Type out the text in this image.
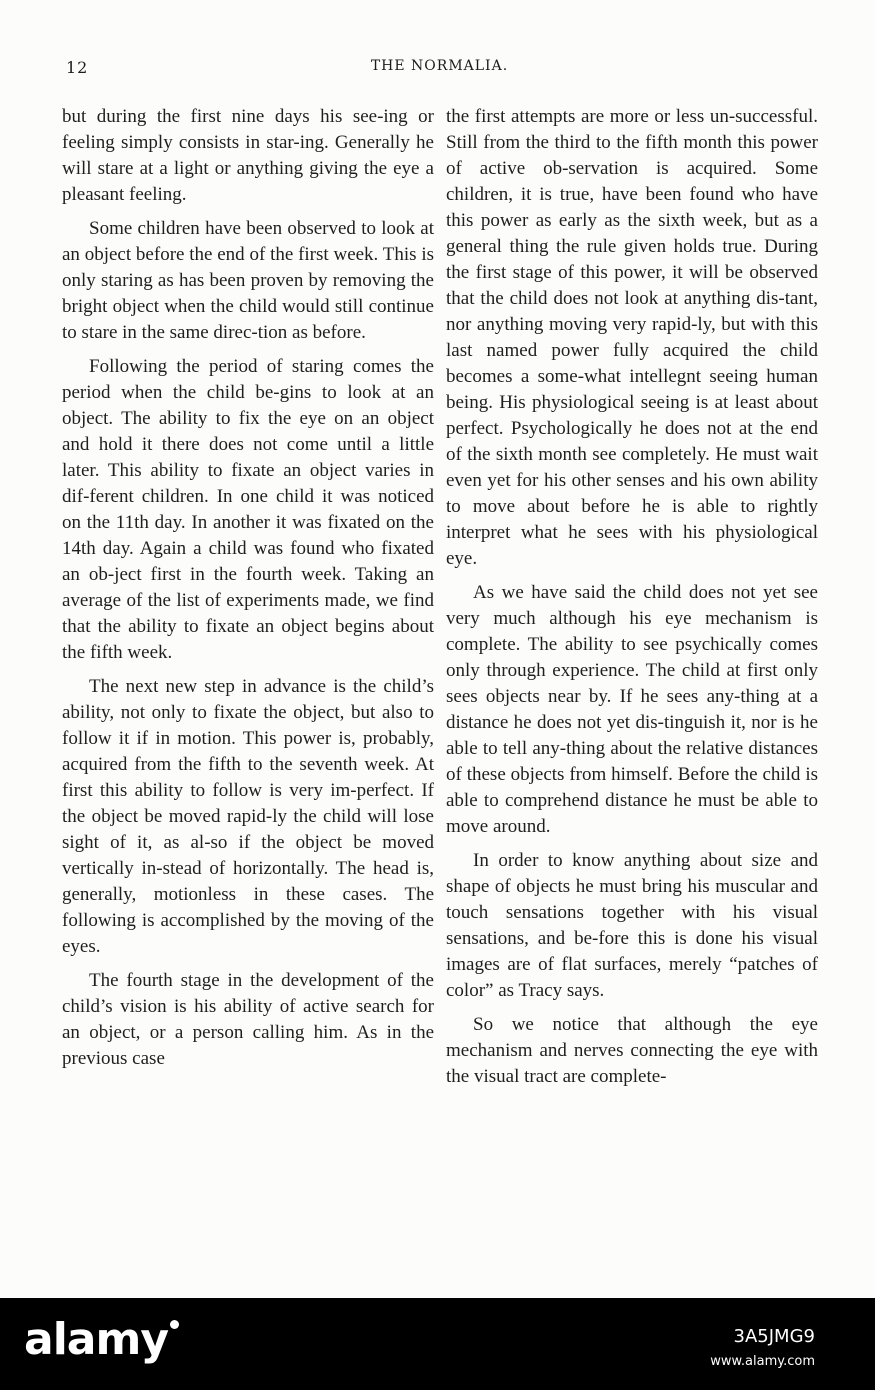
12	THE NORMALIA.

but during the first nine days his see-ing or feeling simply consists in star-ing. Generally he will stare at a light or anything giving the eye a pleasant feeling.

Some children have been observed to look at an object before the end of the first week. This is only staring as has been proven by removing the bright object when the child would still continue to stare in the same direc-tion as before.

Following the period of staring comes the period when the child be-gins to look at an object. The ability to fix the eye on an object and hold it there does not come until a little later. This ability to fixate an object varies in dif-ferent children. In one child it was noticed on the 11th day. In another it was fixated on the 14th day. Again a child was found who fixated an ob-ject first in the fourth week. Taking an average of the list of experiments made, we find that the ability to fixate an object begins about the fifth week.

The next new step in advance is the child’s ability, not only to fixate the object, but also to follow it if in motion. This power is, probably, acquired from the fifth to the seventh week. At first this ability to follow is very im-perfect. If the object be moved rapid-ly the child will lose sight of it, as al-so if the object be moved vertically in-stead of horizontally. The head is, generally, motionless in these cases. The following is accomplished by the moving of the eyes.

The fourth stage in the development of the child’s vision is his ability of active search for an object, or a person calling him. As in the previous case

the first attempts are more or less un-successful. Still from the third to the fifth month this power of active ob-servation is acquired. Some children, it is true, have been found who have this power as early as the sixth week, but as a general thing the rule given holds true. During the first stage of this power, it will be observed that the child does not look at anything dis-tant, nor anything moving very rapid-ly, but with this last named power fully acquired the child becomes a some-what intellegnt seeing human being. His physiological seeing is at least about perfect. Psychologically he does not at the end of the sixth month see completely. He must wait even yet for his other senses and his own ability to move about before he is able to rightly interpret what he sees with his physiological eye.

As we have said the child does not yet see very much although his eye mechanism is complete. The ability to see psychically comes only through experience. The child at first only sees objects near by. If he sees any-thing at a distance he does not yet dis-tinguish it, nor is he able to tell any-thing about the relative distances of these objects from himself. Before the child is able to comprehend distance he must be able to move around.

In order to know anything about size and shape of objects he must bring his muscular and touch sensations together with his visual sensations, and be-fore this is done his visual images are of flat surfaces, merely “patches of color” as Tracy says.

So we notice that although the eye mechanism and nerves connecting the eye with the visual tract are complete-

alamy	3A5JMG9
www.alamy.com
